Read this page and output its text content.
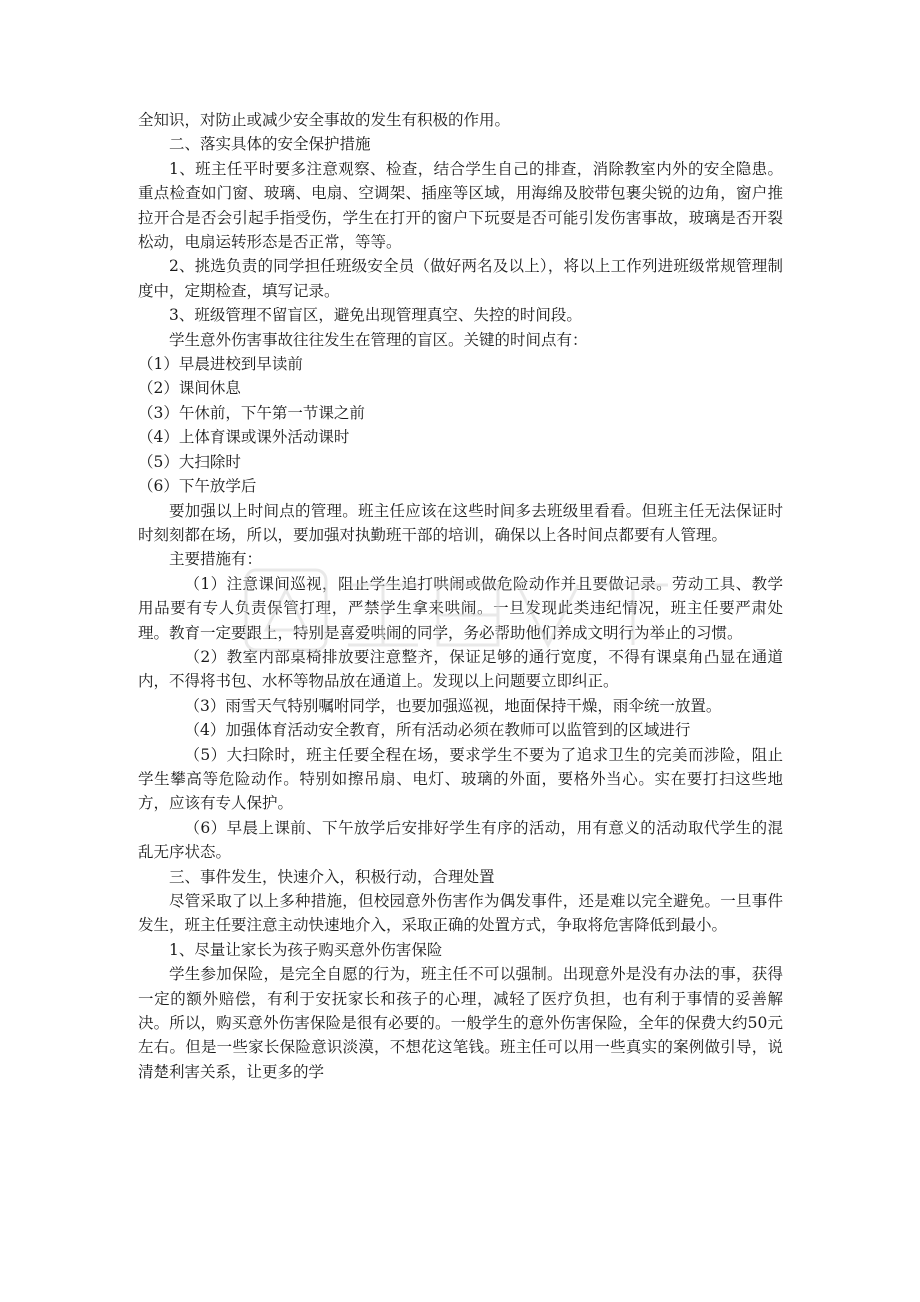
全知识，对防止或减少安全事故的发生有积极的作用。

二、落实具体的安全保护措施

1、班主任平时要多注意观察、检查，结合学生自己的排查，消除教室内外的安全隐患。重点检查如门窗、玻璃、电扇、空调架、插座等区域，用海绵及胶带包裹尖锐的边角，窗户推拉开合是否会引起手指受伤，学生在打开的窗户下玩耍是否可能引发伤害事故，玻璃是否开裂松动，电扇运转形态是否正常，等等。

2、挑选负责的同学担任班级安全员（做好两名及以上），将以上工作列进班级常规管理制度中，定期检查，填写记录。

3、班级管理不留盲区，避免出现管理真空、失控的时间段。

学生意外伤害事故往往发生在管理的盲区。关键的时间点有：

（1）早晨进校到早读前

（2）课间休息

（3）午休前，下午第一节课之前

（4）上体育课或课外活动课时

（5）大扫除时

（6）下午放学后

要加强以上时间点的管理。班主任应该在这些时间多去班级里看看。但班主任无法保证时时刻刻都在场，所以，要加强对执勤班干部的培训，确保以上各时间点都要有人管理。

主要措施有：

（1）注意课间巡视，阻止学生追打哄闹或做危险动作并且要做记录。劳动工具、教学用品要有专人负责保管打理，严禁学生拿来哄闹。一旦发现此类违纪情况，班主任要严肃处理。教育一定要跟上，特别是喜爱哄闹的同学，务必帮助他们养成文明行为举止的习惯。

（2）教室内部桌椅排放要注意整齐，保证足够的通行宽度，不得有课桌角凸显在通道内，不得将书包、水杯等物品放在通道上。发现以上问题要立即纠正。

（3）雨雪天气特别嘱咐同学，也要加强巡视，地面保持干燥，雨伞统一放置。

（4）加强体育活动安全教育，所有活动必须在教师可以监管到的区域进行

（5）大扫除时，班主任要全程在场，要求学生不要为了追求卫生的完美而涉险，阻止学生攀高等危险动作。特别如擦吊扇、电灯、玻璃的外面，要格外当心。实在要打扫这些地方，应该有专人保护。

（6）早晨上课前、下午放学后安排好学生有序的活动，用有意义的活动取代学生的混乱无序状态。

三、事件发生，快速介入，积极行动，合理处置

尽管采取了以上多种措施，但校园意外伤害作为偶发事件，还是难以完全避免。一旦事件发生，班主任要注意主动快速地介入，采取正确的处置方式，争取将危害降低到最小。

1、尽量让家长为孩子购买意外伤害保险

学生参加保险，是完全自愿的行为，班主任不可以强制。出现意外是没有办法的事，获得一定的额外赔偿，有利于安抚家长和孩子的心理，减轻了医疗负担，也有利于事情的妥善解决。所以，购买意外伤害保险是很有必要的。一般学生的意外伤害保险，全年的保费大约50元左右。但是一些家长保险意识淡漠，不想花这笔钱。班主任可以用一些真实的案例做引导，说清楚利害关系，让更多的学
